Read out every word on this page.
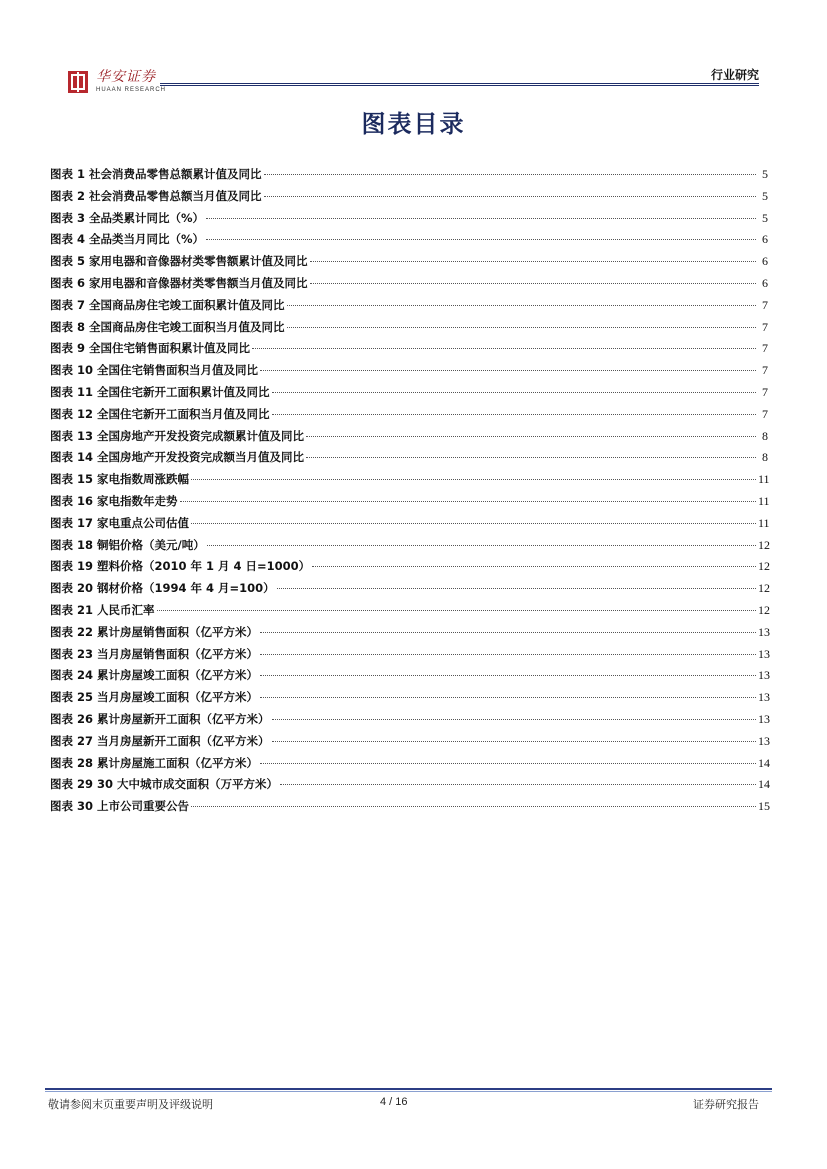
华安证券
HUAAN RESEARCH
行业研究
图表目录
图表 1 社会消费品零售总额累计值及同比	5
图表 2 社会消费品零售总额当月值及同比	5
图表 3 全品类累计同比（%）	5
图表 4 全品类当月同比（%）	6
图表 5 家用电器和音像器材类零售额累计值及同比	6
图表 6 家用电器和音像器材类零售额当月值及同比	6
图表 7 全国商品房住宅竣工面积累计值及同比	7
图表 8 全国商品房住宅竣工面积当月值及同比	7
图表 9 全国住宅销售面积累计值及同比	7
图表 10 全国住宅销售面积当月值及同比	7
图表 11 全国住宅新开工面积累计值及同比	7
图表 12 全国住宅新开工面积当月值及同比	7
图表 13 全国房地产开发投资完成额累计值及同比	8
图表 14 全国房地产开发投资完成额当月值及同比	8
图表 15 家电指数周涨跌幅	11
图表 16 家电指数年走势	11
图表 17 家电重点公司估值	11
图表 18 铜铝价格（美元/吨）	12
图表 19 塑料价格（2010 年 1 月 4 日=1000）	12
图表 20 钢材价格（1994 年 4 月=100）	12
图表 21 人民币汇率	12
图表 22 累计房屋销售面积（亿平方米）	13
图表 23 当月房屋销售面积（亿平方米）	13
图表 24 累计房屋竣工面积（亿平方米）	13
图表 25 当月房屋竣工面积（亿平方米）	13
图表 26 累计房屋新开工面积（亿平方米）	13
图表 27 当月房屋新开工面积（亿平方米）	13
图表 28 累计房屋施工面积（亿平方米）	14
图表 29 30 大中城市成交面积（万平方米）	14
图表 30 上市公司重要公告	15
敬请参阅末页重要声明及评级说明	4 / 16	证券研究报告
